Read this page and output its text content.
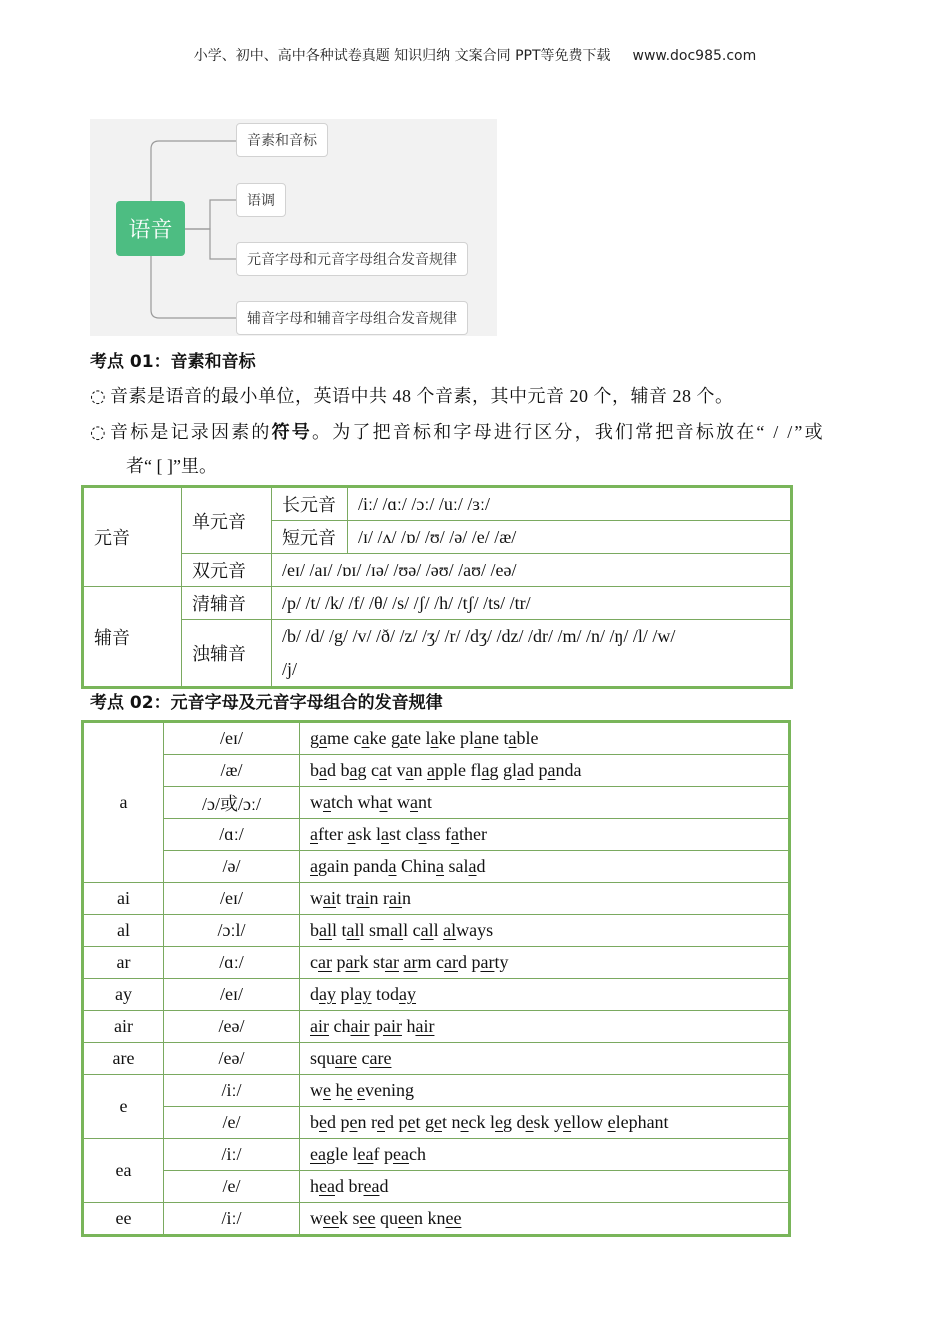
小学、初中、高中各种试卷真题 知识归纳 文案合同 PPT等免费下载 www.doc985.com
语音
音素和音标
语调
元音字母和元音字母组合发音规律
辅音字母和辅音字母组合发音规律
考点 01：音素和音标
◌ 音素是语音的最小单位，英语中共 48 个音素，其中元音 20 个，辅音 28 个。
◌ 音标是记录因素的符号。为了把音标和字母进行区分，我们常把音标放在“ / /”或
者“ [ ]”里。
元音	单元音	长元音	/iː/ /ɑː/ /ɔː/ /uː/ /ɜː/
		短元音	/ɪ/ /ʌ/ /ɒ/ /ʊ/ /ə/ /e/ /æ/
	双元音	/eɪ/ /aɪ/ /ɒɪ/ /ɪə/ /ʊə/ /əʊ/ /aʊ/ /eə/	
辅音	清辅音	/p/ /t/ /k/ /f/ /θ/ /s/ /ʃ/ /h/ /tʃ/ /ts/ /tr/	
	浊辅音	/b/ /d/ /g/ /v/ /ð/ /z/ /ʒ/ /r/ /dʒ/ /dz/ /dr/ /m/ /n/ /ŋ/ /l/ /w/
/j/	
考点 02：元音字母及元音字母组合的发音规律
a	/eɪ/	game cake gate lake plane table
	/æ/	bad bag cat van apple flag glad panda
	/ɔ/或/ɔː/	watch what want
	/ɑː/	after ask last class father
	/ə/	again panda China salad
ai	/eɪ/	wait train rain
al	/ɔːl/	ball tall small call always
ar	/ɑː/	car park star arm card party
ay	/eɪ/	day play today
air	/eə/	air chair pair hair
are	/eə/	square care
e	/iː/	we he evening
	/e/	bed pen red pet get neck leg desk yellow elephant
ea	/iː/	eagle leaf peach
	/e/	head bread
ee	/iː/	week see queen knee
